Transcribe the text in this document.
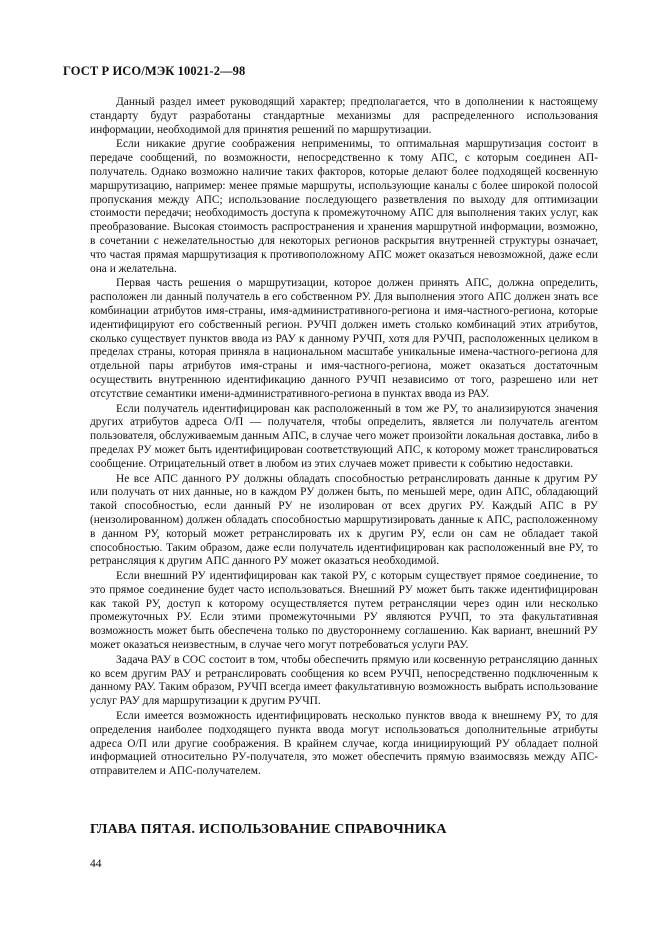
ГОСТ Р ИСО/МЭК 10021-2—98

Данный раздел имеет руководящий характер; предполагается, что в дополнении к настоящему стандарту будут разработаны стандартные механизмы для распределенного использования информации, необходимой для принятия решений по маршрутизации.

Если никакие другие соображения неприменимы, то оптимальная маршрутизация состоит в передаче сообщений, по возможности, непосредственно к тому АПС, с которым соединен АП-получатель. Однако возможно наличие таких факторов, которые делают более подходящей косвенную маршрутизацию, например: менее прямые маршруты, использующие каналы с более широкой полосой пропускания между АПС; использование последующего разветвления по выходу для оптимизации стоимости передачи; необходимость доступа к промежуточному АПС для выполнения таких услуг, как преобразование. Высокая стоимость распространения и хранения маршрутной информации, возможно, в сочетании с нежелательностью для некоторых регионов раскрытия внутренней структуры означает, что частая прямая маршрутизация к противоположному АПС может оказаться невозможной, даже если она и желательна.

Первая часть решения о маршрутизации, которое должен принять АПС, должна определить, расположен ли данный получатель в его собственном РУ. Для выполнения этого АПС должен знать все комбинации атрибутов имя-страны, имя-административного-региона и имя-частного-региона, которые идентифицируют его собственный регион. РУЧП должен иметь столько комбинаций этих атрибутов, сколько существует пунктов ввода из РАУ к данному РУЧП, хотя для РУЧП, расположенных целиком в пределах страны, которая приняла в национальном масштабе уникальные имена-частного-региона для отдельной пары атрибутов имя-страны и имя-частного-региона, может оказаться достаточным осуществить внутреннюю идентификацию данного РУЧП независимо от того, разрешено или нет отсутствие семантики имени-административного-региона в пунктах ввода из РАУ.

Если получатель идентифицирован как расположенный в том же РУ, то анализируются значения других атрибутов адреса О/П — получателя, чтобы определить, является ли получатель агентом пользователя, обслуживаемым данным АПС, в случае чего может произойти локальная доставка, либо в пределах РУ может быть идентифицирован соответствующий АПС, к которому может транслироваться сообщение. Отрицательный ответ в любом из этих случаев может привести к событию недоставки.

Не все АПС данного РУ должны обладать способностью ретранслировать данные к другим РУ или получать от них данные, но в каждом РУ должен быть, по меньшей мере, один АПС, обладающий такой способностью, если данный РУ не изолирован от всех других РУ. Каждый АПС в РУ (неизолированном) должен обладать способностью маршрутизировать данные к АПС, расположенному в данном РУ, который может ретранслировать их к другим РУ, если он сам не обладает такой способностью. Таким образом, даже если получатель идентифицирован как расположенный вне РУ, то ретрансляция к другим АПС данного РУ может оказаться необходимой.

Если внешний РУ идентифицирован как такой РУ, с которым существует прямое соединение, то это прямое соединение будет часто использоваться. Внешний РУ может быть также идентифицирован как такой РУ, доступ к которому осуществляется путем ретрансляции через один или несколько промежуточных РУ. Если этими промежуточными РУ являются РУЧП, то эта факультативная возможность может быть обеспечена только по двустороннему соглашению. Как вариант, внешний РУ может оказаться неизвестным, в случае чего могут потребоваться услуги РАУ.

Задача РАУ в СОС состоит в том, чтобы обеспечить прямую или косвенную ретрансляцию данных ко всем другим РАУ и ретранслировать сообщения ко всем РУЧП, непосредственно подключенным к данному РАУ. Таким образом, РУЧП всегда имеет факультативную возможность выбрать использование услуг РАУ для маршрутизации к другим РУЧП.

Если имеется возможность идентифицировать несколько пунктов ввода к внешнему РУ, то для определения наиболее подходящего пункта ввода могут использоваться дополнительные атрибуты адреса О/П или другие соображения. В крайнем случае, когда инициирующий РУ обладает полной информацией относительно РУ-получателя, это может обеспечить прямую взаимосвязь между АПС-отправителем и АПС-получателем.

ГЛАВА ПЯТАЯ. ИСПОЛЬЗОВАНИЕ СПРАВОЧНИКА
44
